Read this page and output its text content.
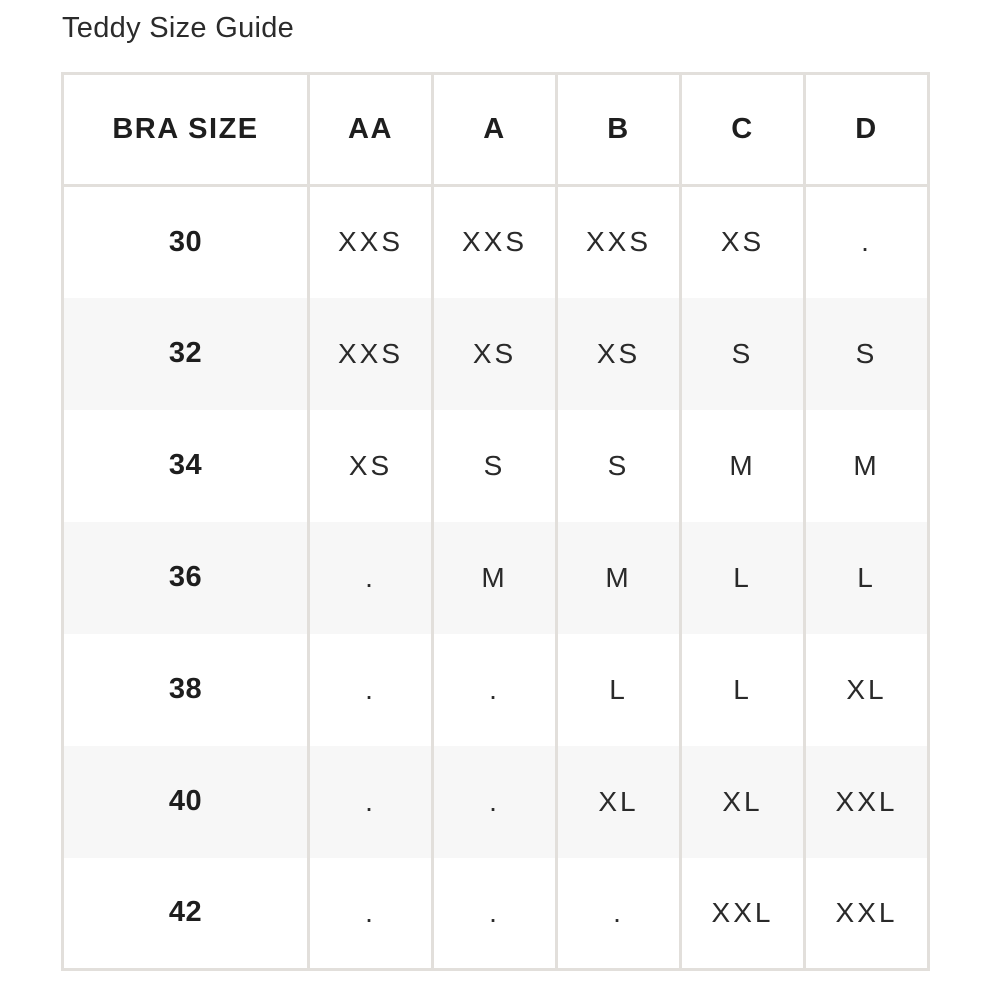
Teddy Size Guide
BRA SIZE	AA	A	B	C	D
30	XXS	XXS	XXS	XS	.
32	XXS	XS	XS	S	S
34	XS	S	S	M	M
36	.	M	M	L	L
38	.	.	L	L	XL
40	.	.	XL	XL	XXL
42	.	.	.	XXL	XXL
